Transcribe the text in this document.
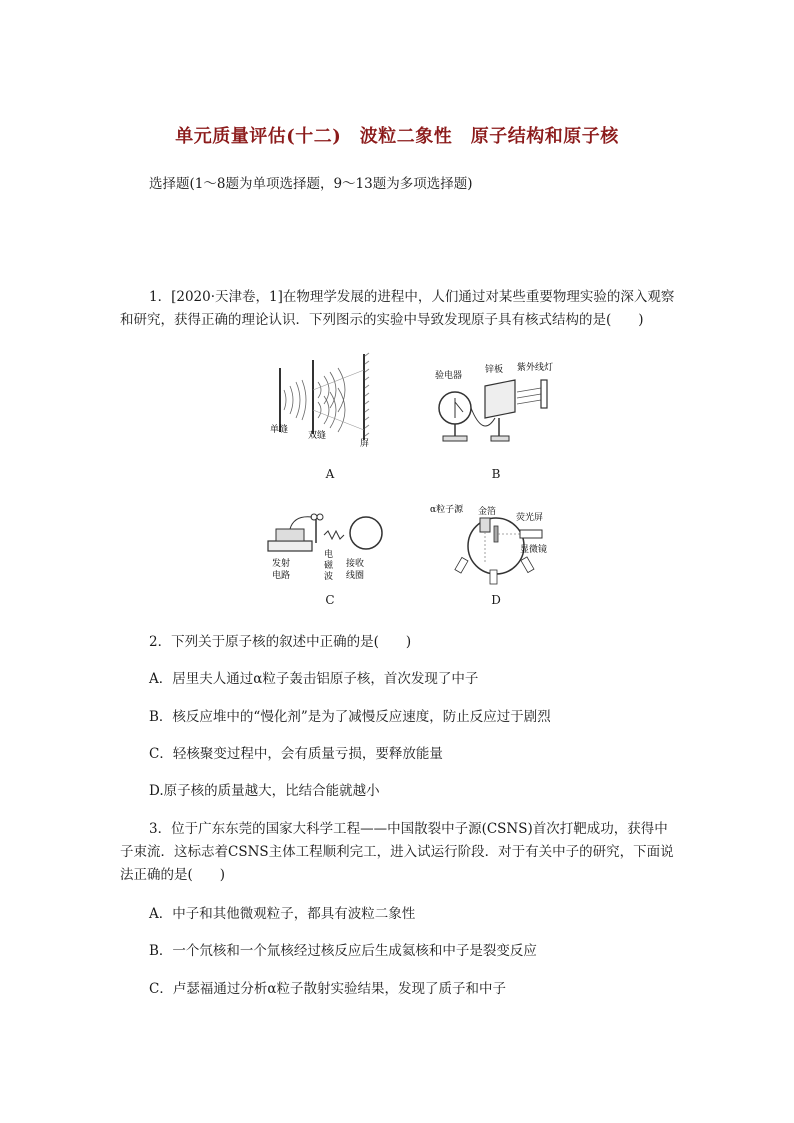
单元质量评估(十二)　波粒二象性　原子结构和原子核
选择题(1～8题为单项选择题，9～13题为多项选择题)
1．[2020·天津卷，1]在物理学发展的进程中，人们通过对某些重要物理实验的深入观察和研究，获得正确的理论认识．下列图示的实验中导致发现原子具有核式结构的是(　　)
单缝
双缝
屏
A
验电器
锌板 紫外线灯
B
发射
电路
电
磁
波
接收
线圈
C
α粒子源 金箔
荧光屏
显微镜
D
2．下列关于原子核的叙述中正确的是(　　)
A．居里夫人通过α粒子轰击铝原子核，首次发现了中子
B．核反应堆中的“慢化剂”是为了减慢反应速度，防止反应过于剧烈
C．轻核聚变过程中，会有质量亏损，要释放能量
D.原子核的质量越大，比结合能就越小
3．位于广东东莞的国家大科学工程——中国散裂中子源(CSNS)首次打靶成功，获得中子束流．这标志着CSNS主体工程顺利完工，进入试运行阶段．对于有关中子的研究，下面说法正确的是(　　)
A．中子和其他微观粒子，都具有波粒二象性
B．一个氘核和一个氚核经过核反应后生成氦核和中子是裂变反应
C．卢瑟福通过分析α粒子散射实验结果，发现了质子和中子
